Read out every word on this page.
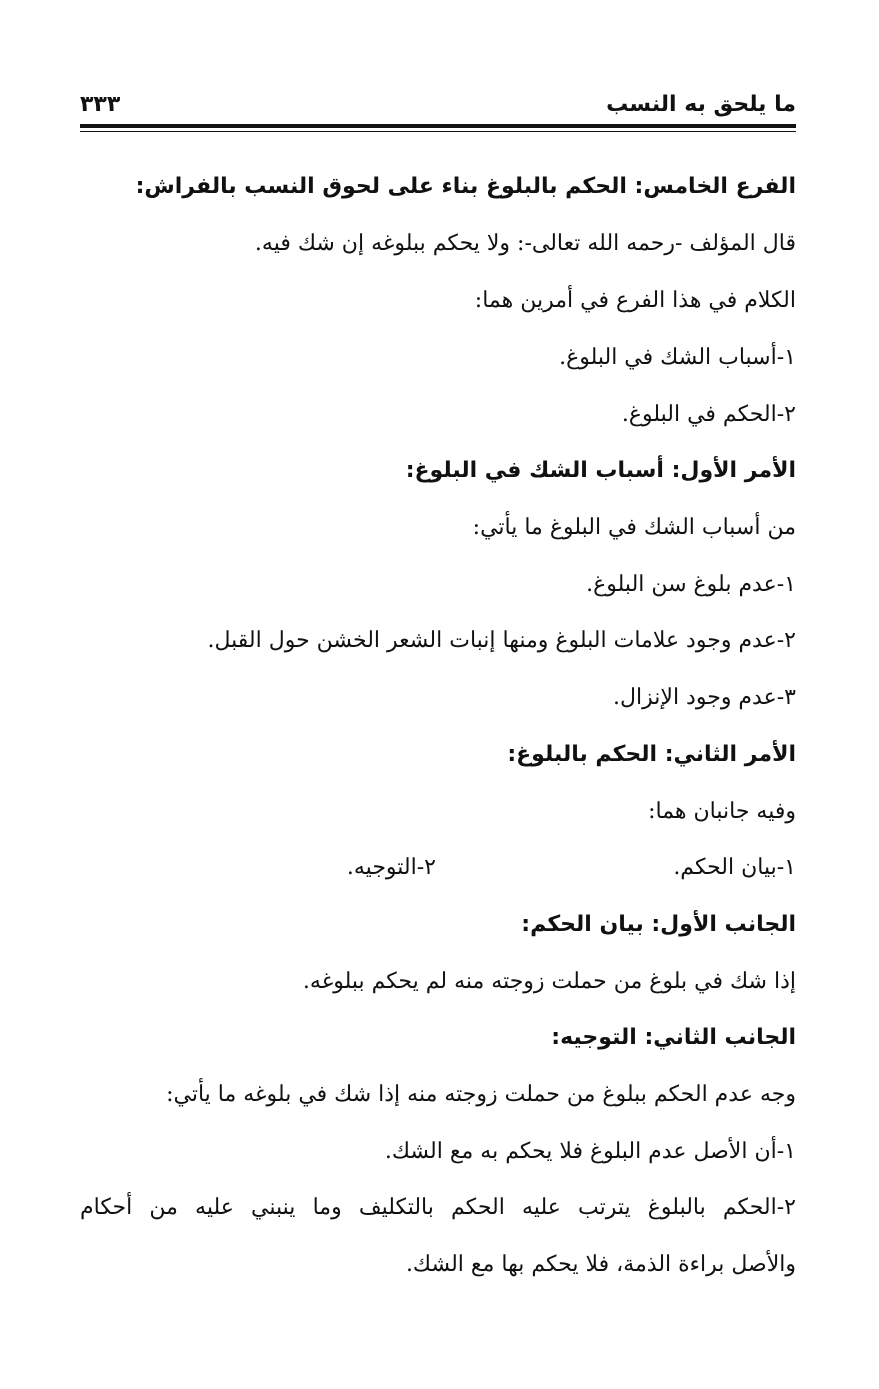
ما يلحق به النسب
٣٣٣
الفرع الخامس: الحكم بالبلوغ بناء على لحوق النسب بالفراش:
قال المؤلف -رحمه الله تعالى-: ولا يحكم ببلوغه إن شك فيه.
الكلام في هذا الفرع في أمرين هما:
١-أسباب الشك في البلوغ.
٢-الحكم في البلوغ.
الأمر الأول: أسباب الشك في البلوغ:
من أسباب الشك في البلوغ ما يأتي:
١-عدم بلوغ سن البلوغ.
٢-عدم وجود علامات البلوغ ومنها إنبات الشعر الخشن حول القبل.
٣-عدم وجود الإنزال.
الأمر الثاني: الحكم بالبلوغ:
وفيه جانبان هما:
١-بيان الحكم.
٢-التوجيه.
الجانب الأول: بيان الحكم:
إذا شك في بلوغ من حملت زوجته منه لم يحكم ببلوغه.
الجانب الثاني: التوجيه:
وجه عدم الحكم ببلوغ من حملت زوجته منه إذا شك في بلوغه ما يأتي:
١-أن الأصل عدم البلوغ فلا يحكم به مع الشك.
٢-الحكم بالبلوغ يترتب عليه الحكم بالتكليف وما ينبني عليه من أحكام
والأصل براءة الذمة، فلا يحكم بها مع الشك.
